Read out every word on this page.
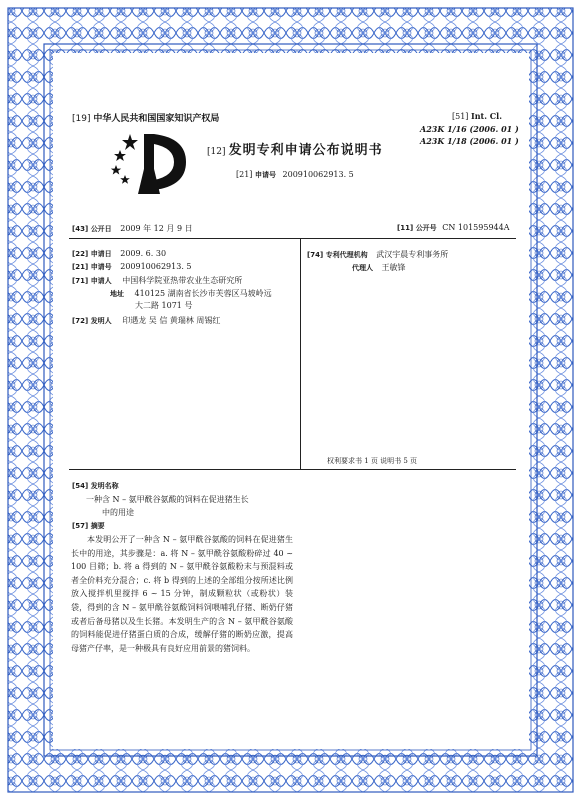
[19] 中华人民共和国国家知识产权局
[12] 发明专利申请公布说明书
[21] 申请号 200910062913. 5
[51] Int. Cl.
A23K 1/16 (2006. 01 )
A23K 1/18 (2006. 01 )
[43] 公开日 2009 年 12 月 9 日	[11] 公开号 CN 101595944A
[22] 申请日 2009. 6. 30
[21] 申请号 200910062913. 5
[71] 申请人 中国科学院亚热带农业生态研究所
地址 410125 湖南省长沙市芙蓉区马坡岭远
大二路 1071 号
[72] 发明人 印遇龙 吴 信 黄瑞林 周锡红
[74] 专利代理机构 武汉宇晨专利事务所
代理人 王敏锋
权利要求书 1 页 说明书 5 页
[54] 发明名称
一种含 N – 氨甲酰谷氨酸的饲料在促进猪生长
中的用途
[57] 摘要
本发明公开了一种含 N – 氨甲酰谷氨酸的饲料在促进猪生长中的用途，其步骤是：a. 将 N – 氨甲酰谷氨酸粉碎过 40 ~ 100 目筛；b. 将 a 得到的 N – 氨甲酰谷氨酸粉末与预混料或者全价料充分混合；c. 将 b 得到的上述的全部组分按所述比例放入搅拌机里搅拌 6 ~ 15 分钟，制成颗粒状（或粉状）装袋，得到的含 N – 氨甲酰谷氨酸饲料饲喂哺乳仔猪、断奶仔猪或者后备母猪以及生长猪。本发明生产的含 N – 氨甲酰谷氨酸的饲料能促进仔猪蛋白质的合成，缓解仔猪的断奶应激，提高母猪产仔率，是一种极具有良好应用前景的猪饲料。
